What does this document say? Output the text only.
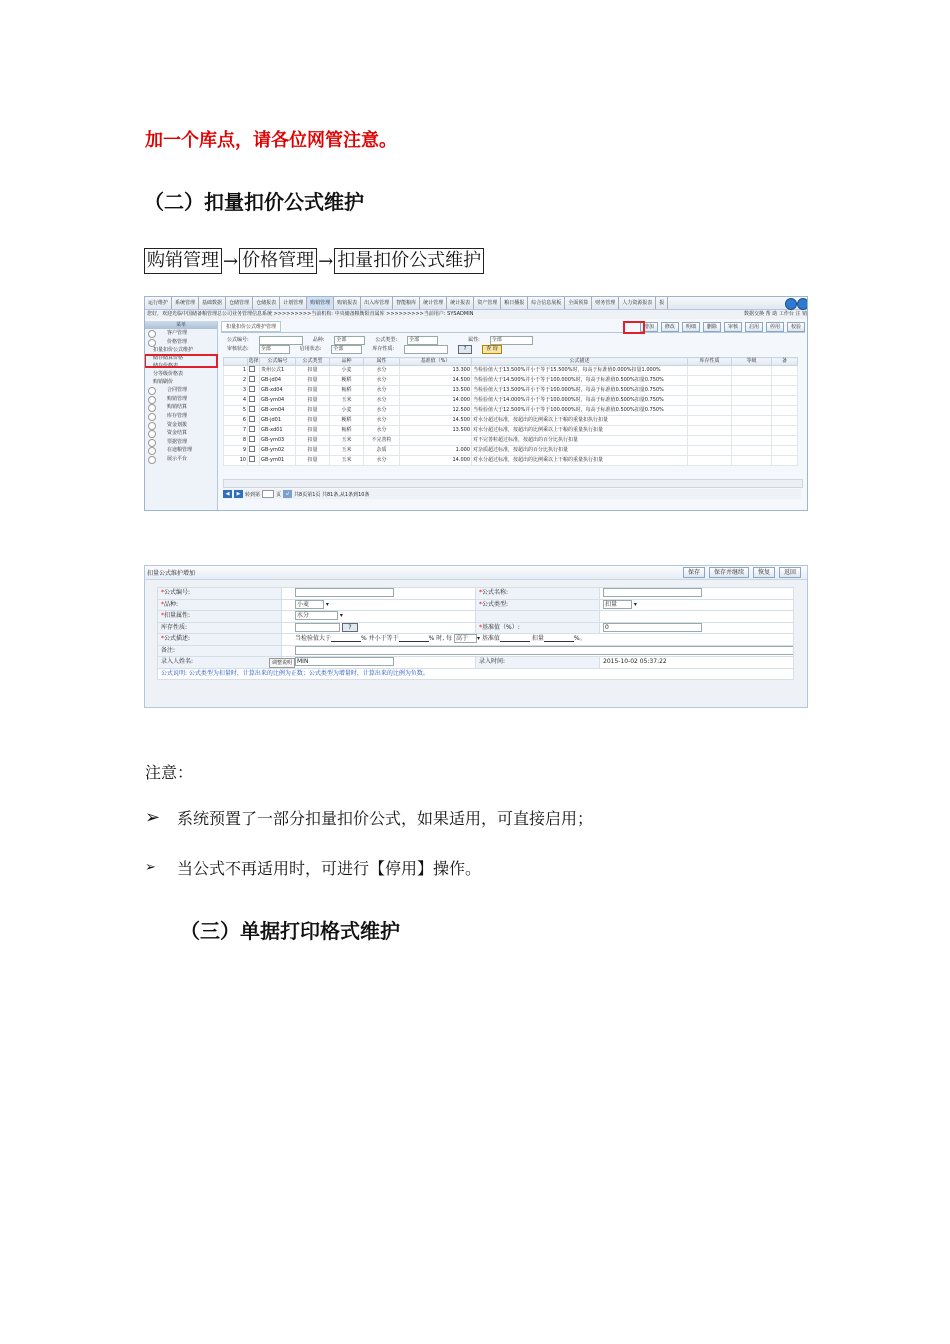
加一个库点，请各位网管注意。
（二）扣量扣价公式维护
购销管理 → 价格管理 → 扣量扣价公式维护
运行维护	系统管理	基础数据	仓储管理	仓储报表	计划管理	购销管理	购销报表	出入库管理	智能粮库	统计管理	统计报表	资产管理	粮日播报	综合信息展板	全面预算	财务管理	人力资源报表	报
您好，欢迎光临中国储备粮管理总公司业务管理信息系统 >>>>>>>>>当前机构: 中央储备粮衡阳直属库 >>>>>>>>>当前用户: SYSADMIN	数据交换 帮 助 工作台 注 销
菜单
客户管理
价格管理
扣量扣价公式维护
储存储算价格
储存价格表
分等级价格表
购销刷价
合同管理
购销管理
购销结算
库存管理
资金划拨
资金结算
票据管理
在途粮管理
展示平台
扣量扣价公式维护管理	增加	修改	明细	删除	审核	启用	停用	校验
公式编号:	品种:	全部	公式类型:	全部	属性:	全部
审核状态:	全部	启用状态:	全部	库存性质:	?	查 询
	选择	公式编号	公式类型	品种	属性	基准值（%）	公式描述	库存性质	等级	备
1		贵州公式1	扣量	小麦	水分	13.300	当检验值大于13.500%并小于等于15.500%时，每高于标准值0.000%扣量1.000%			
2		GB-jd04	扣量	粳稻	水分	14.500	当检验值大于14.500%并小于等于100.000%时，每高于标准值0.500%扣量0.750%			
3		GB-xd04	扣量	籼稻	水分	13.500	当检验值大于13.500%并小于等于100.000%时，每高于标准值0.500%扣量0.750%			
4		GB-ym04	扣量	玉米	水分	14.000	当检验值大于14.000%并小于等于100.000%时，每高于标准值0.500%扣量0.750%			
5		GB-xm04	扣量	小麦	水分	12.500	当检验值大于12.500%并小于等于100.000%时，每高于标准值0.500%扣量0.750%			
6		GB-jd01	扣量	粳稻	水分	14.500	对水分超过标准，按超出的比例乘以上干粮的重量扣执行扣量			
7		GB-xd01	扣量	籼稻	水分	13.500	对水分超过标准，按超出的比例乘以上干粮的重量执行扣量			
8		GB-ym03	扣量	玉米	不完善粒		对不完善粒超过标准，按超出的百分比执行扣量			
9		GB-ym02	扣量	玉米	杂质	1.000	对杂质超过标准，按超出的百分比执行扣量			
10		GB-ym01	扣量	玉米	水分	14.000	对水分超过标准，按超出的比例乘以上干粮的重量执行扣量			
◀	▶ 转到第	页 ↲ 共8页第1页 共81条,从1条到10条
扣量公式维护增加	保存	保存并继续	恢复	返回
*公式编号:		*公式名称:	
*品种:	小麦 ▾	*公式类型:	扣量 ▾
*扣量属性:	水分 ▾		
库存性质:	?	*基准值（%）:	0
*公式描述:	当检验值大于 % 并小于等于 % 时, 每 高于 ▾ 基准值 扣量 %。		
备注:			
录入人姓名:	MIN	录入时间:	2015-10-02 05:37:22
公式说明: 公式类型为扣量时，计算出来的比例为正数；公式类型为增量时，计算出来的比例为负数。			
调整说明
注意：
➢	系统预置了一部分扣量扣价公式，如果适用，可直接启用；
➢	当公式不再适用时，可进行【停用】操作。
（三）单据打印格式维护
